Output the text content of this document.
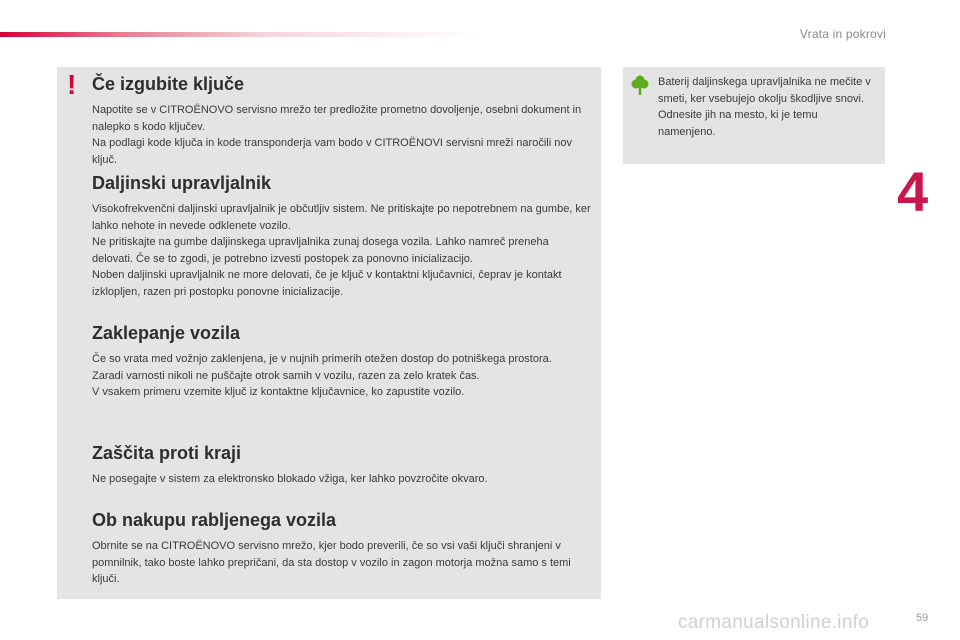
Vrata in pokrovi
4
! Če izgubite ključe

Napotite se v CITROËNOVO servisno mrežo ter predložite prometno dovoljenje, osebni dokument in nalepko s kodo ključev.

Na podlagi kode ključa in kode transponderja vam bodo v CITROËNOVI servisni mreži naročili nov ključ.

Daljinski upravljalnik

Visokofrekvenčni daljinski upravljalnik je občutljiv sistem. Ne pritiskajte po nepotrebnem na gumbe, ker lahko nehote in nevede odklenete vozilo.

Ne pritiskajte na gumbe daljinskega upravljalnika zunaj dosega vozila. Lahko namreč preneha delovati. Če se to zgodi, je potrebno izvesti postopek za ponovno inicializacijo.

Noben daljinski upravljalnik ne more delovati, če je ključ v kontaktni ključavnici, čeprav je kontakt izklopljen, razen pri postopku ponovne inicializacije.

Zaklepanje vozila

Če so vrata med vožnjo zaklenjena, je v nujnih primerih otežen dostop do potniškega prostora.

Zaradi varnosti nikoli ne puščajte otrok samih v vozilu, razen za zelo kratek čas.

V vsakem primeru vzemite ključ iz kontaktne ključavnice, ko zapustite vozilo.

Zaščita proti kraji

Ne posegajte v sistem za elektronsko blokado vžiga, ker lahko povzročite okvaro.

Ob nakupu rabljenega vozila

Obrnite se na CITROËNOVO servisno mrežo, kjer bodo preverili, če so vsi vaši ključi shranjeni v pomnilnik, tako boste lahko prepričani, da sta dostop v vozilo in zagon motorja možna samo s temi ključi.

Baterij daljinskega upravljalnika ne mečite v smeti, ker vsebujejo okolju škodljive snovi.

Odnesite jih na mesto, ki je temu namenjeno.

carmanualsonline.info	59
